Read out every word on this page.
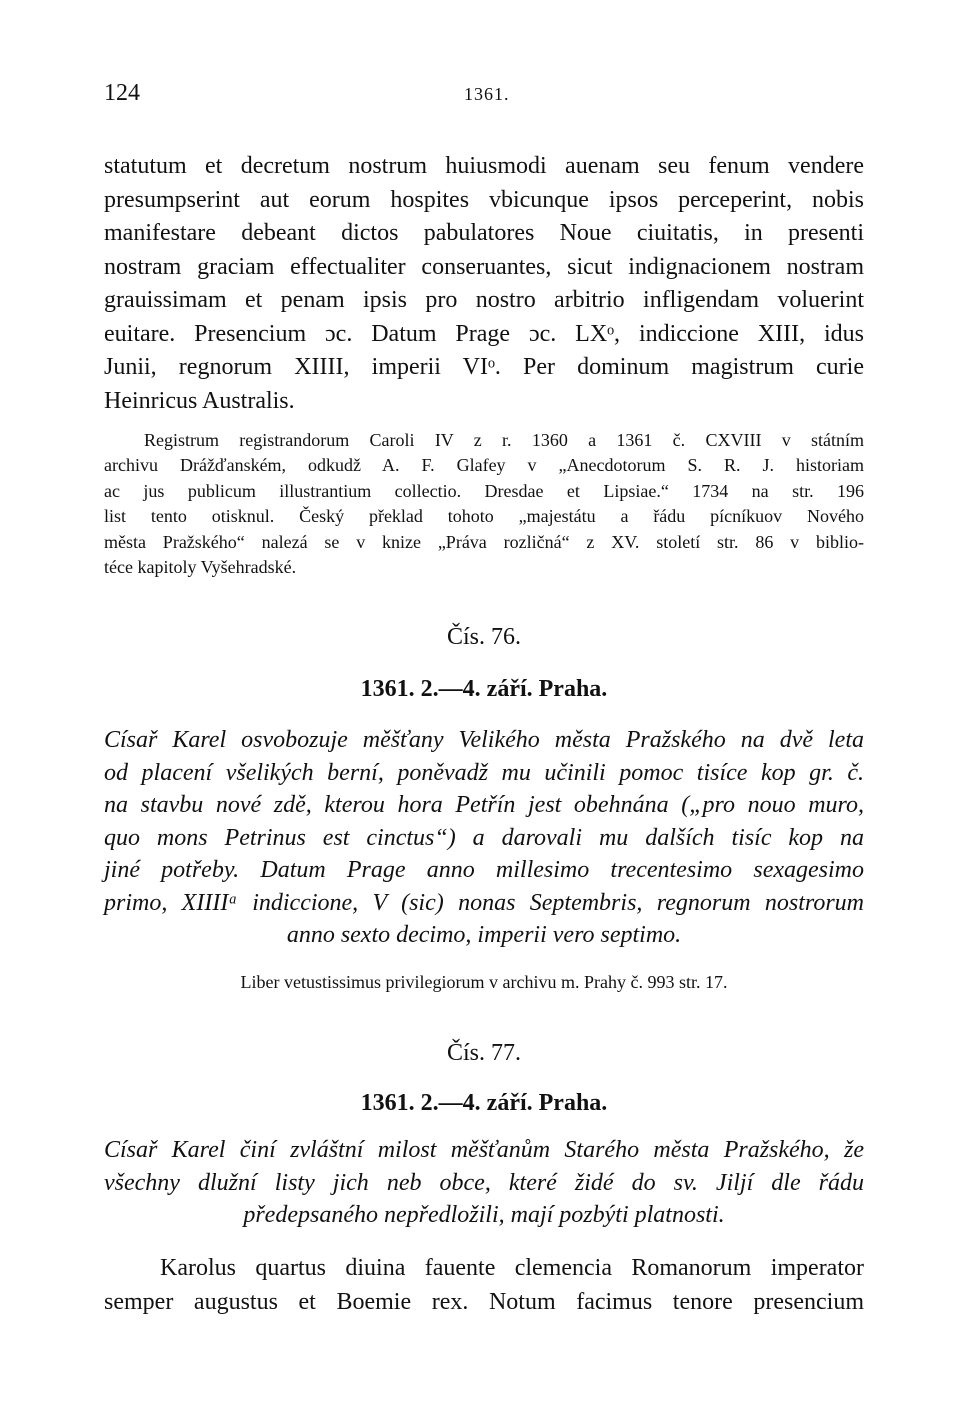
124	1361.
statutum et decretum nostrum huiusmodi auenam seu fenum vendere
presumpserint aut eorum hospites vbicunque ipsos perceperint, nobis
manifestare debeant dictos pabulatores Noue ciuitatis, in presenti
nostram graciam effectualiter conseruantes, sicut indignacionem nostram
grauissimam et penam ipsis pro nostro arbitrio infligendam voluerint
euitare. Presencium ɔc. Datum Prage ɔc. LXᵒ, indiccione XIII, idus
Junii, regnorum XIIII, imperii VIᵒ. Per dominum magistrum curie
Heinricus Australis.
Registrum registrandorum Caroli IV z r. 1360 a 1361 č. CXVIII v státním
archivu Drážďanském, odkudž A. F. Glafey v „Anecdotorum S. R. J. historiam
ac jus publicum illustrantium collectio. Dresdae et Lipsiae.“ 1734 na str. 196
list tento otisknul. Český překlad tohoto „majestátu a řádu pícníkuov Nového
města Pražského“ nalezá se v knize „Práva rozličná“ z XV. století str. 86 v biblio-
téce kapitoly Vyšehradské.
Čís. 76.
1361. 2.—4. září. Praha.
Císař Karel osvobozuje měšťany Velikého města Pražského na dvě leta
od placení všelikých berní, poněvadž mu učinili pomoc tisíce kop gr. č.
na stavbu nové zdě, kterou hora Petřín jest obehnána („pro nouo muro,
quo mons Petrinus est cinctus“) a darovali mu dalších tisíc kop na
jiné potřeby. Datum Prage anno millesimo trecentesimo sexagesimo
primo, XIIIIᵃ indiccione, V (sic) nonas Septembris, regnorum nostrorum
anno sexto decimo, imperii vero septimo.
Liber vetustissimus privilegiorum v archivu m. Prahy č. 993 str. 17.
Čís. 77.
1361. 2.—4. září. Praha.
Císař Karel činí zvláštní milost měšťanům Starého města Pražského, že
všechny dlužní listy jich neb obce, které židé do sv. Jiljí dle řádu
předepsaného nepředložili, mají pozbýti platnosti.
Karolus quartus diuina fauente clemencia Romanorum imperator
semper augustus et Boemie rex. Notum facimus tenore presencium
